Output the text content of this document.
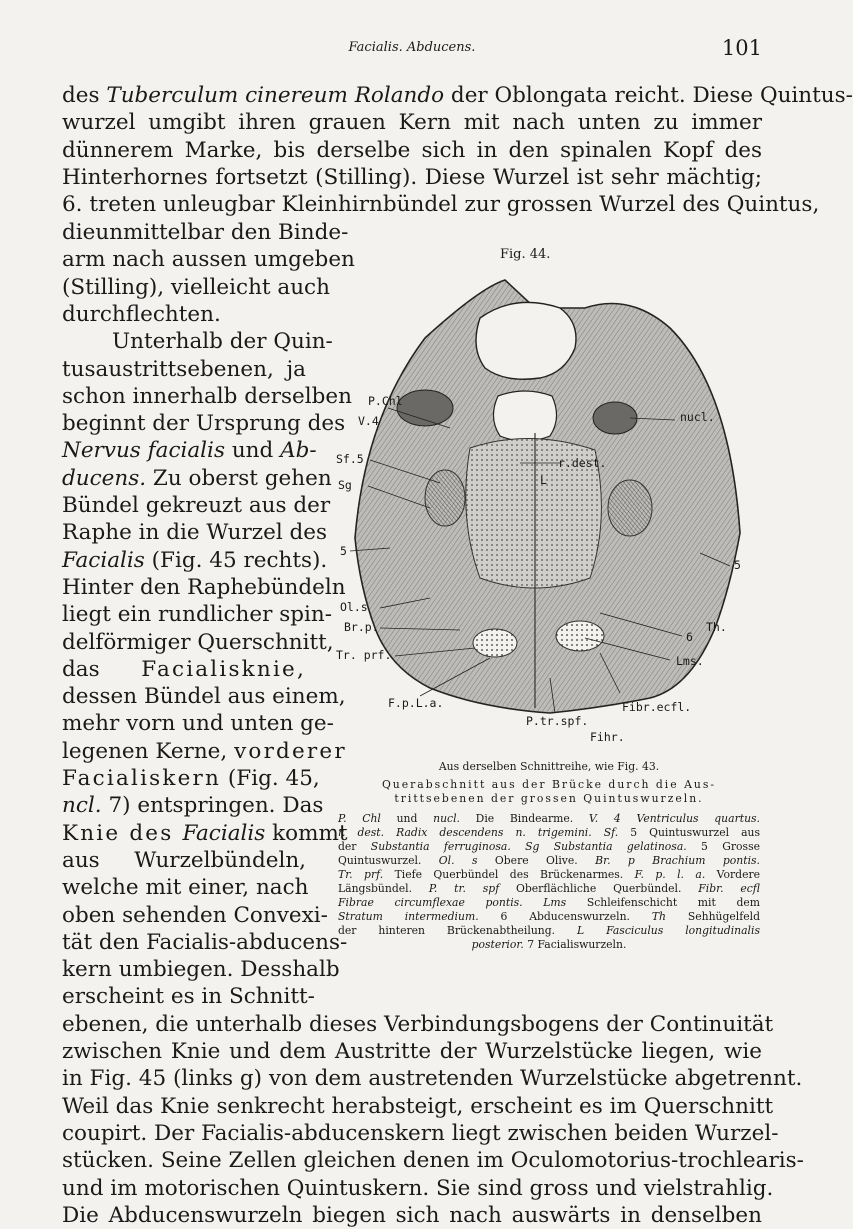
Facialis. Abducens.	101
des Tuberculum cinereum Rolando der Oblongata reicht. Diese Quintus-
wurzel umgibt ihren grauen Kern mit nach unten zu immer
dünnerem Marke, bis derselbe sich in den spinalen Kopf des
Hinterhornes fortsetzt (Stilling). Diese Wurzel ist sehr mächtig;
6. treten unleugbar Kleinhirnbündel zur grossen Wurzel des Quintus,
dieunmittelbar den Binde-
arm nach aussen umgeben
(Stilling), vielleicht auch
durchflechten.
Unterhalb der Quin-
tusaustrittsebenen, ja
schon innerhalb derselben
beginnt der Ursprung des
Nervus facialis und Ab-
ducens. Zu oberst gehen
Bündel gekreuzt aus der
Raphe in die Wurzel des
Facialis (Fig. 45 rechts).
Hinter den Raphebündeln
liegt ein rundlicher spin-
delförmiger Querschnitt,
das Facialisknie,
dessen Bündel aus einem,
mehr vorn und unten ge-
legenen Kerne, vorderer
Facialiskern (Fig. 45,
ncl. 7) entspringen. Das
Knie des Facialis kommt
aus Wurzelbündeln,
welche mit einer, nach
oben sehenden Convexi-
tät den Facialis-abducens-
kern umbiegen. Desshalb
erscheint es in Schnitt-
ebenen, die unterhalb dieses Verbindungsbogens der Continuität
zwischen Knie und dem Austritte der Wurzelstücke liegen, wie
in Fig. 45 (links g) von dem austretenden Wurzelstücke abgetrennt.
Weil das Knie senkrecht herabsteigt, erscheint es im Querschnitt
coupirt. Der Facialis-abducenskern liegt zwischen beiden Wurzel-
stücken. Seine Zellen gleichen denen im Oculomotorius-trochlearis-
und im motorischen Quintuskern. Sie sind gross und vielstrahlig.
Die Abducenswurzeln biegen sich nach auswärts in denselben
Fig. 44.
P.Chl
V.4	nucl.
Sf.5	r.dest.
Sg	L
5
5
Ol.s
Br.p.
6
Th.
Tr. prf.	Lms.
F.p.L.a.	Fibr.ecfl.
P.tr.spf.
Fihr.
Aus derselben Schnittreihe, wie Fig. 43.
Querabschnitt aus der Brücke durch die Aus-
trittsebenen der grossen Quintuswurzeln.
P. Chl und nucl. Die Bindearme. V. 4 Ventriculus quartus.
r. dest. Radix descendens n. trigemini. Sf. 5 Quintuswurzel aus
der Substantia ferruginosa. Sg Substantia gelatinosa. 5 Grosse
Quintuswurzel. Ol. s Obere Olive. Br. p Brachium pontis.
Tr. prf. Tiefe Querbündel des Brückenarmes. F. p. l. a. Vordere
Längsbündel. P. tr. spf Oberflächliche Querbündel. Fibr. ecfl
Fibrae circumflexae pontis. Lms Schleifenschicht mit dem
Stratum intermedium. 6 Abducenswurzeln. Th Sehhügelfeld
der hinteren Brückenabtheilung. L Fasciculus longitudinalis
posterior. 7 Facialiswurzeln.
